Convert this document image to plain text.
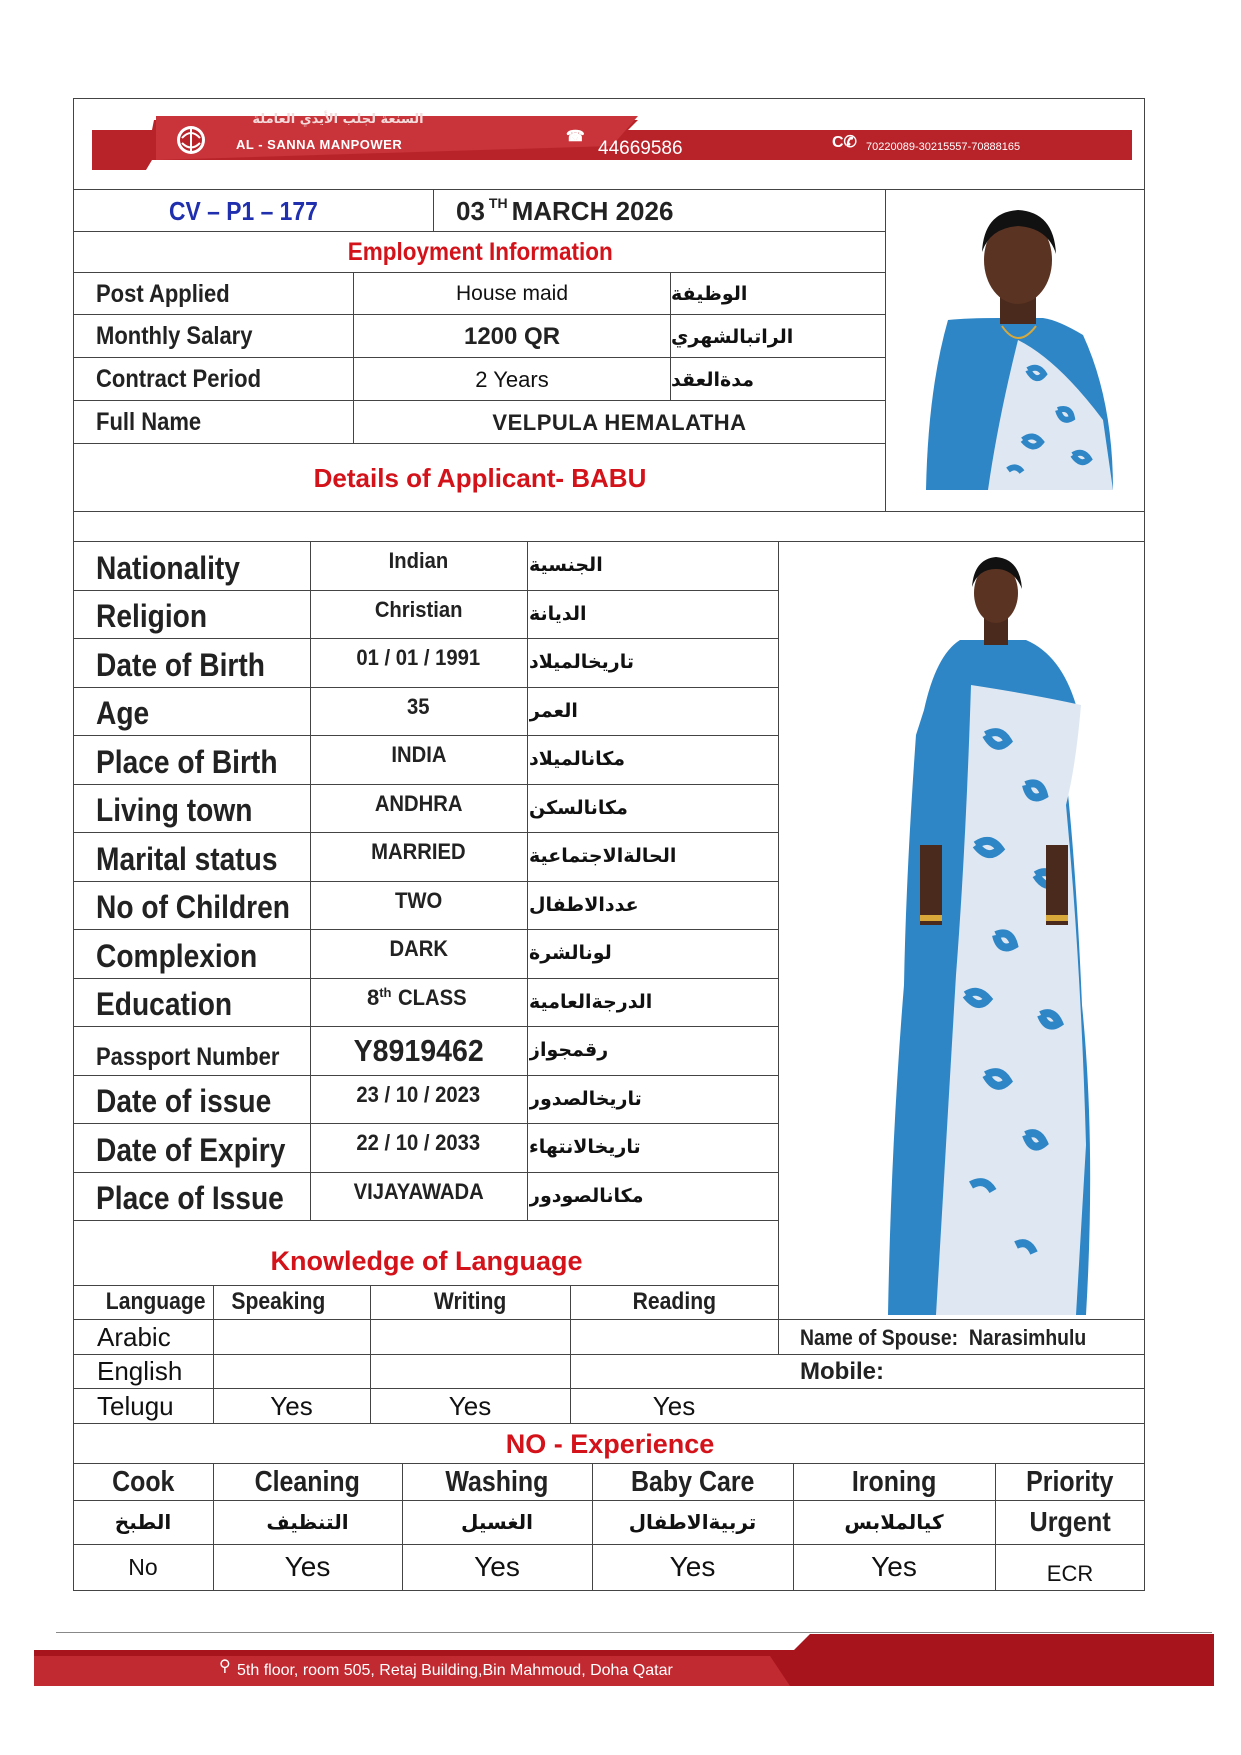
☎	C✆
السنعة لجلب الأيدي العاملة
AL - SANNA MANPOWER	44669586	70220089-30215557-70888165
CV – P1 – 177	03 $^{TH}$ MARCH 2026
Employment Information
Post Applied	House maid	الوظيفة
Monthly Salary	1200 QR	الراتبالشهري
Contract Period	2 Years	مدةالعقد
Full Name	VELPULA HEMALATHA
Details of Applicant- BABU
Nationality	Indian	الجنسية
Religion	Christian	الديانة
Date of Birth	01 / 01 / 1991	تاريخالميلاد
Age	35	العمر
Place of Birth	INDIA	مكانالميلاد
Living town	ANDHRA	مكانالسكن
Marital status	MARRIED	الحالةالاجتماعية
No of Children	TWO	عددالاطفال
Complexion	DARK	لونالشرة
Education	8th CLASS	الدرجةالعامية
Passport Number Y8919462 رقمجواز
Date of issue	23 / 10 / 2023	تاريخالصدور
Date of Expiry	22 / 10 / 2033	تاريخالانتهاء
Place of Issue	VIJAYAWADA مكانالصودور
Knowledge of Language
Language Speaking	Writing	Reading
Arabic
English
Telugu	Yes	Yes	Yes
Name of Spouse: Narasimhulu
Mobile:
NO - Experience
Cook	Cleaning	Washing	Baby Care	Ironing	Priority
الطبخ	التنظيف	الغسيل	تربيةالاطفال	كيالملابس	Urgent
No	Yes	Yes	Yes	Yes	ECR
⚲ 5th floor, room 505, Retaj Building,Bin Mahmoud, Doha Qatar
